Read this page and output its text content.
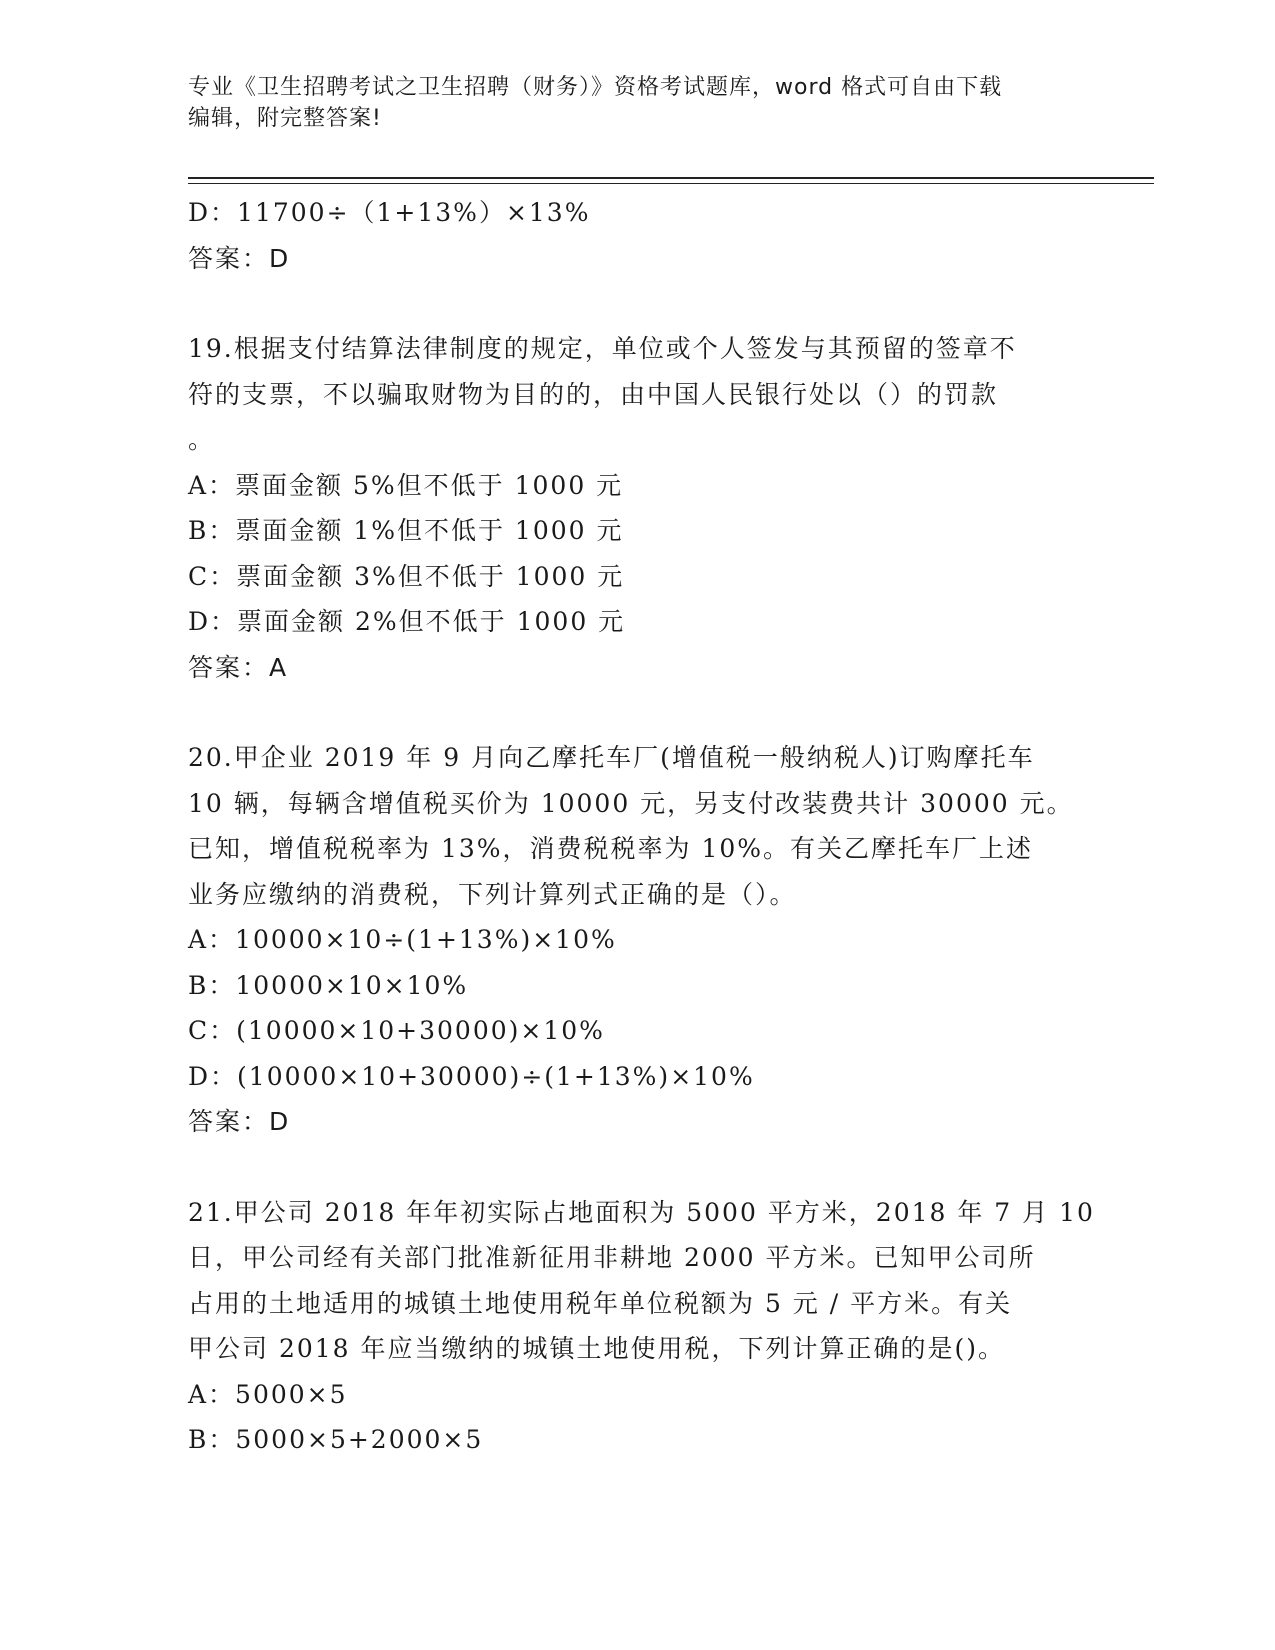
专业《卫生招聘考试之卫生招聘（财务）》资格考试题库，word 格式可自由下载
编辑，附完整答案!
D：11700÷（1+13%）×13%
答案：D
19.根据支付结算法律制度的规定，单位或个人签发与其预留的签章不
符的支票，不以骗取财物为目的的，由中国人民银行处以（）的罚款
。
A：票面金额 5%但不低于 1000 元
B：票面金额 1%但不低于 1000 元
C：票面金额 3%但不低于 1000 元
D：票面金额 2%但不低于 1000 元
答案：A
20.甲企业 2019 年 9 月向乙摩托车厂(增值税一般纳税人)订购摩托车
10 辆，每辆含增值税买价为 10000 元，另支付改装费共计 30000 元。
已知，增值税税率为 13%，消费税税率为 10%。有关乙摩托车厂上述
业务应缴纳的消费税，下列计算列式正确的是（）。
A：10000×10÷(1+13%)×10%
B：10000×10×10%
C：(10000×10+30000)×10%
D：(10000×10+30000)÷(1+13%)×10%
答案：D
21.甲公司 2018 年年初实际占地面积为 5000 平方米，2018 年 7 月 10
日，甲公司经有关部门批准新征用非耕地 2000 平方米。已知甲公司所
占用的土地适用的城镇土地使用税年单位税额为 5 元 / 平方米。有关
甲公司 2018 年应当缴纳的城镇土地使用税，下列计算正确的是()。
A：5000×5
B：5000×5+2000×5
